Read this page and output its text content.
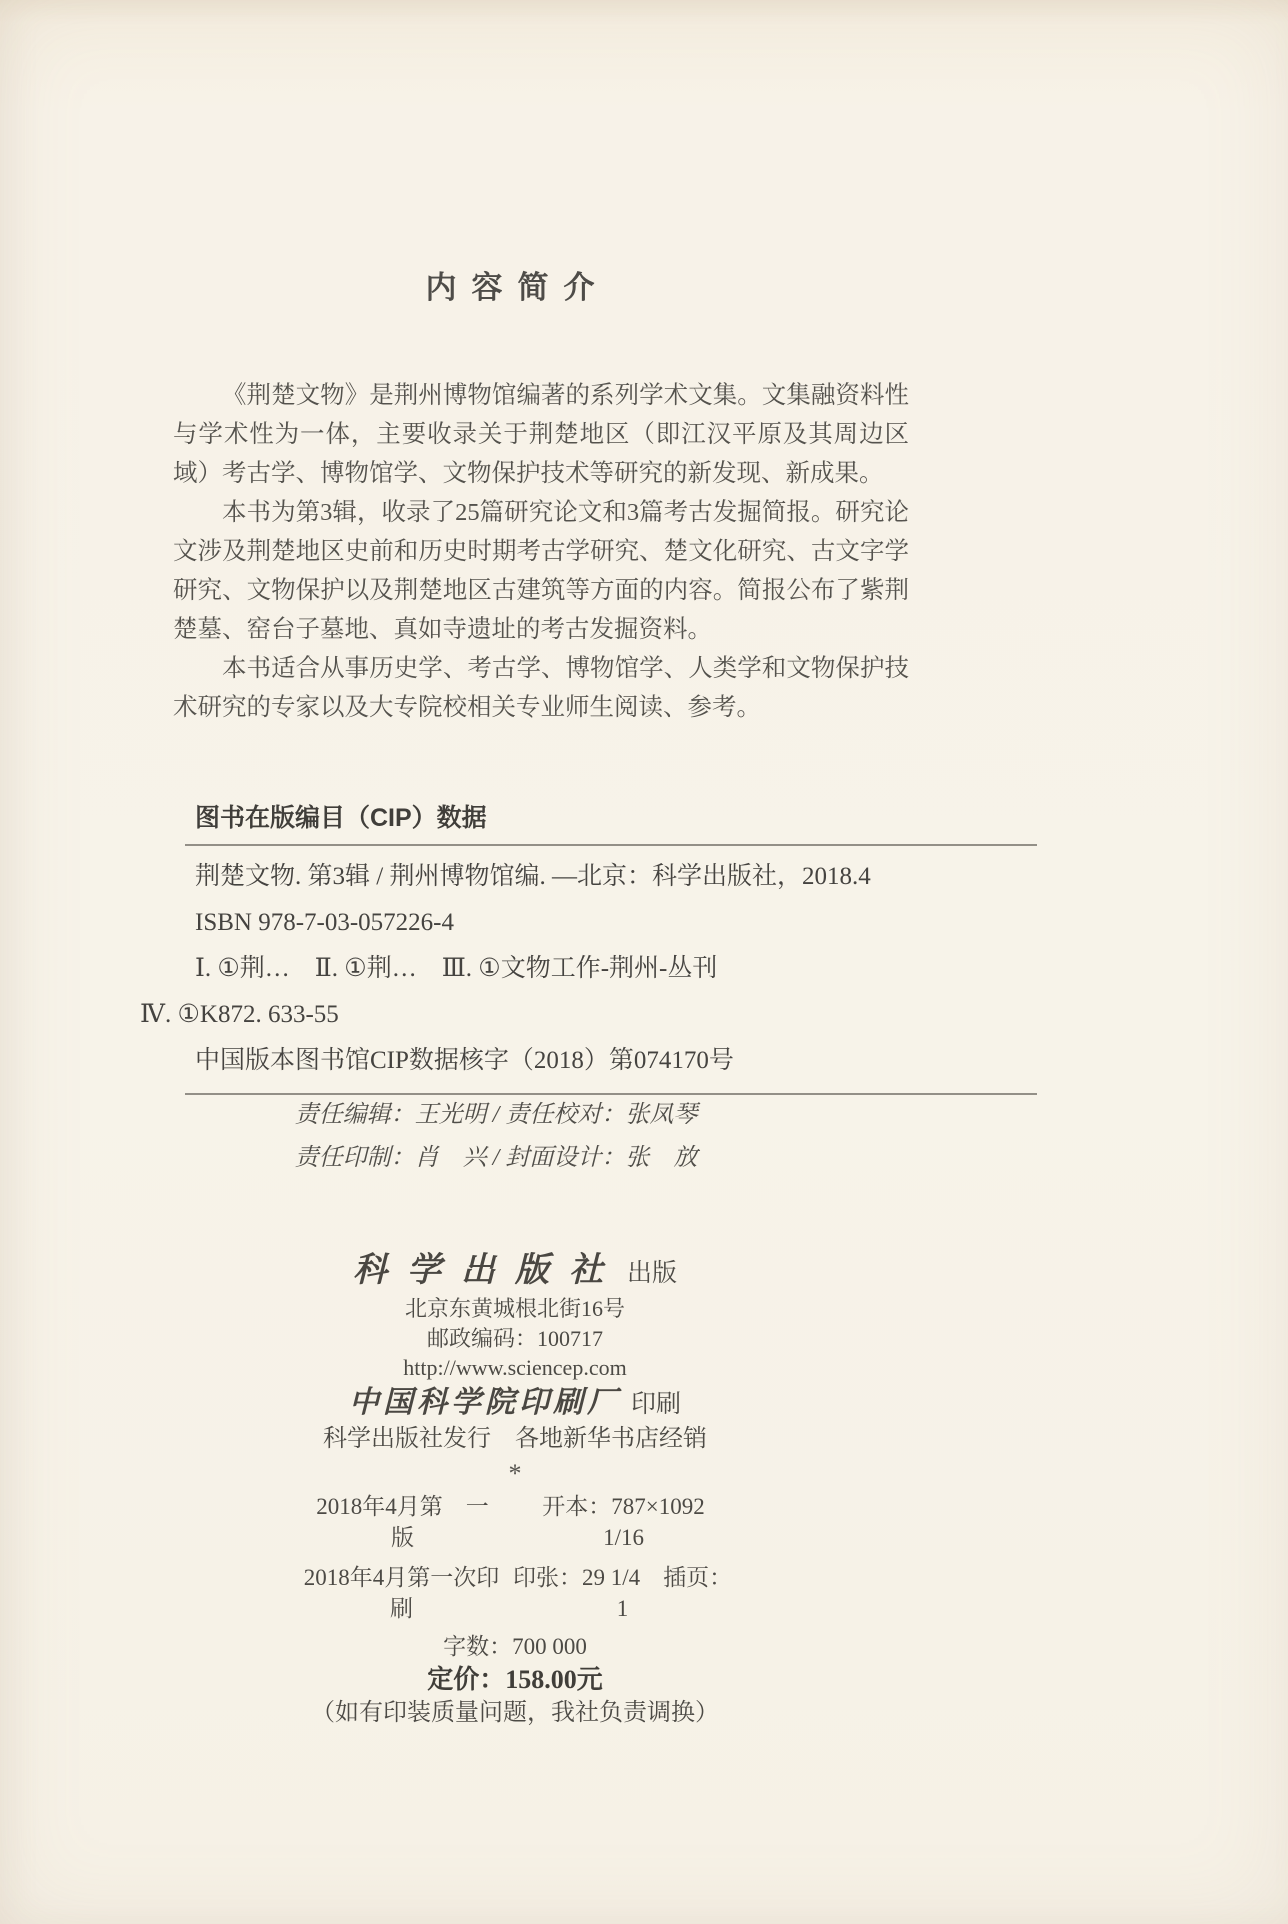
内容简介

《荆楚文物》是荆州博物馆编著的系列学术文集。文集融资料性与学术性为一体，主要收录关于荆楚地区（即江汉平原及其周边区域）考古学、博物馆学、文物保护技术等研究的新发现、新成果。

本书为第3辑，收录了25篇研究论文和3篇考古发掘简报。研究论文涉及荆楚地区史前和历史时期考古学研究、楚文化研究、古文字学研究、文物保护以及荆楚地区古建筑等方面的内容。简报公布了紫荆楚墓、窑台子墓地、真如寺遗址的考古发掘资料。

本书适合从事历史学、考古学、博物馆学、人类学和文物保护技术研究的专家以及大专院校相关专业师生阅读、参考。

图书在版编目（CIP）数据

荆楚文物. 第3辑 / 荆州博物馆编. —北京：科学出版社，2018.4

ISBN 978-7-03-057226-4

Ⅰ. ①荆…　Ⅱ. ①荆…　Ⅲ. ①文物工作-荆州-丛刊

Ⅳ. ①K872. 633-55

中国版本图书馆CIP数据核字（2018）第074170号

责任编辑：王光明 / 责任校对：张凤琴

责任印制：肖　兴 / 封面设计：张　放

科学出版社 出版

北京东黄城根北街16号

邮政编码：100717

http://www.sciencep.com

中国科学院印刷厂 印刷

科学出版社发行　各地新华书店经销

*

2018年4月第　一　版
开本：787×1092　1/16
2018年4月第一次印刷
印张：29 1/4　插页：1

字数：700 000

定价：158.00元

（如有印装质量问题，我社负责调换）
